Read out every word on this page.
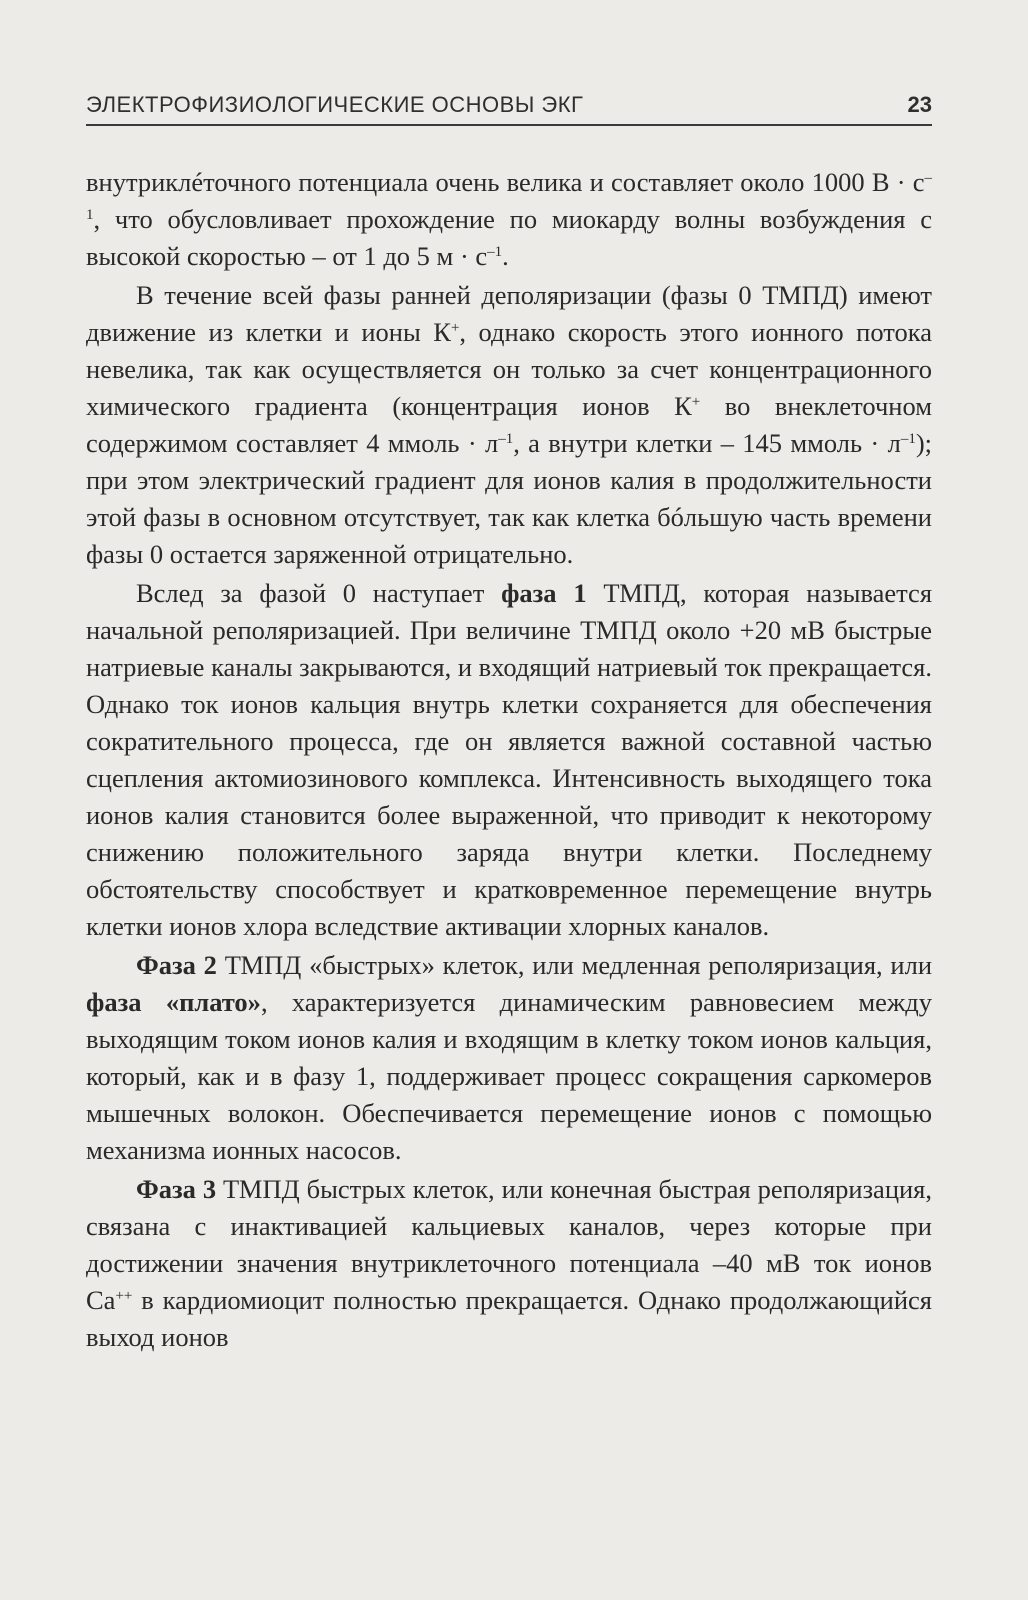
ЭЛЕКТРОФИЗИОЛОГИЧЕСКИЕ ОСНОВЫ ЭКГ	23

внутриклéточного потенциала очень велика и составляет около 1000 $В \cdot с^{-1}$, что обусловливает прохождение по миокарду волны возбуждения с высокой скоростью – от 1 до 5 $м \cdot с^{-1}$.

В течение всей фазы ранней деполяризации (фазы 0 ТМПД) имеют движение из клетки и ионы К+, однако скорость этого ионного потока невелика, так как осуществляется он только за счет концентрационного химического градиента (концентрация ионов К+ во внеклеточном содержимом составляет 4 ммоль · $л^{-1}$, а внутри клетки – 145 ммоль · $л^{-1}$); при этом электрический градиент для ионов калия в продолжительности этой фазы в основном отсутствует, так как клетка бóльшую часть времени фазы 0 остается заряженной отрицательно.

Вслед за фазой 0 наступает фаза 1 ТМПД, которая называется начальной реполяризацией. При величине ТМПД около +20 мВ быстрые натриевые каналы закрываются, и входящий натриевый ток прекращается. Однако ток ионов кальция внутрь клетки сохраняется для обеспечения сократительного процесса, где он является важной составной частью сцепления актомиозинового комплекса. Интенсивность выходящего тока ионов калия становится более выраженной, что приводит к некоторому снижению положительного заряда внутри клетки. Последнему обстоятельству способствует и кратковременное перемещение внутрь клетки ионов хлора вследствие активации хлорных каналов.

Фаза 2 ТМПД «быстрых» клеток, или медленная реполяризация, или фаза «плато», характеризуется динамическим равновесием между выходящим током ионов калия и входящим в клетку током ионов кальция, который, как и в фазу 1, поддерживает процесс сокращения саркомеров мышечных волокон. Обеспечивается перемещение ионов с помощью механизма ионных насосов.

Фаза 3 ТМПД быстрых клеток, или конечная быстрая реполяризация, связана с инактивацией кальциевых каналов, через которые при достижении значения внутриклеточного потенциала –40 мВ ток ионов Са++ в кардиомиоцит полностью прекращается. Однако продолжающийся выход ионов
